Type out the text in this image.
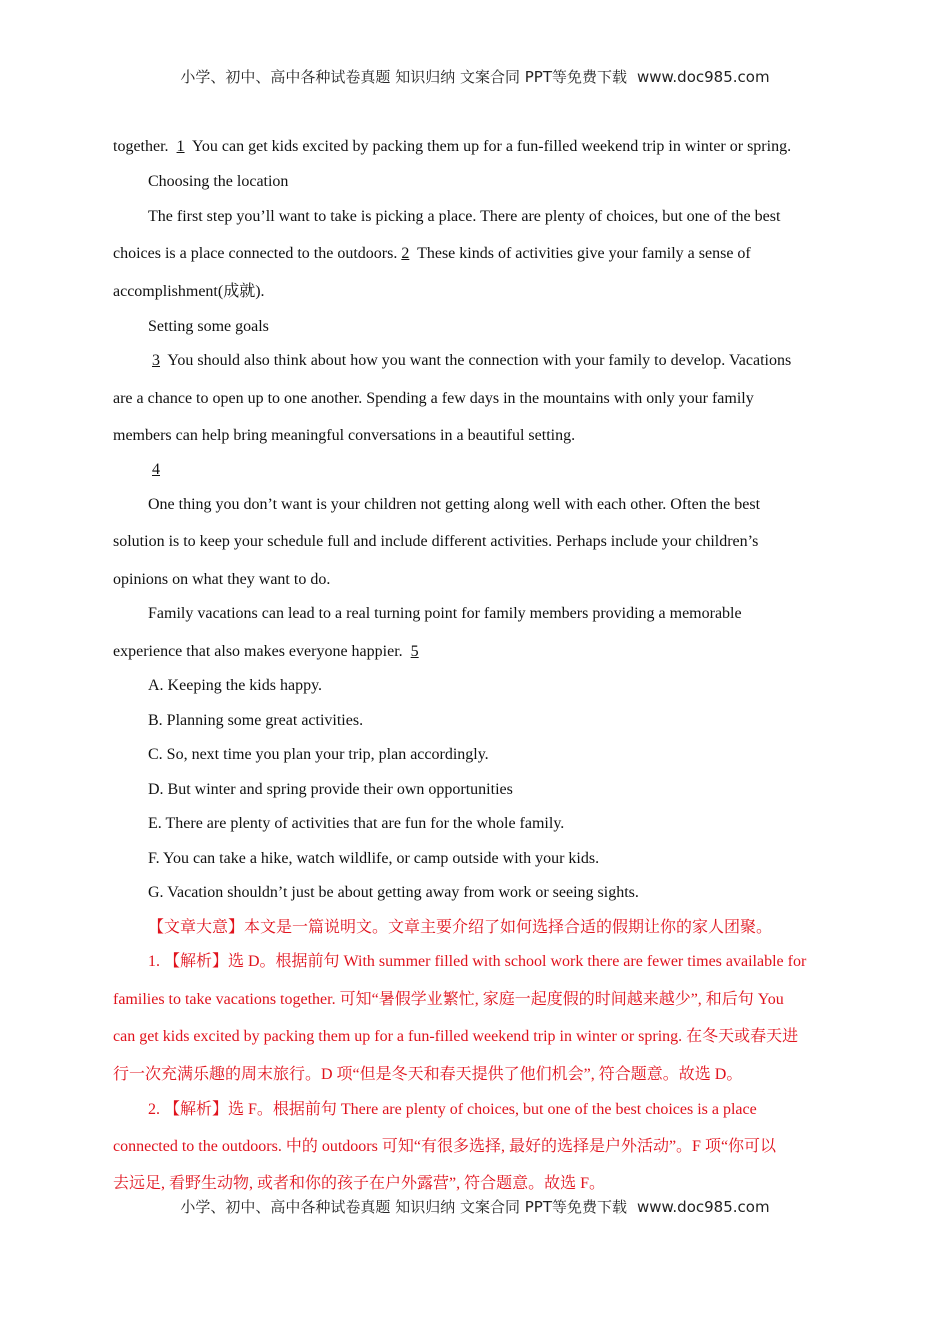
小学、初中、高中各种试卷真题 知识归纳 文案合同 PPT等免费下载 www.doc985.com
together. 1 You can get kids excited by packing them up for a fun-filled weekend trip in winter or spring.
Choosing the location
The first step you’ll want to take is picking a place. There are plenty of choices, but one of the best
choices is a place connected to the outdoors. 2 These kinds of activities give your family a sense of
accomplishment(成就).
Setting some goals
3 You should also think about how you want the connection with your family to develop. Vacations
are a chance to open up to one another. Spending a few days in the mountains with only your family
members can help bring meaningful conversations in a beautiful setting.
4
One thing you don’t want is your children not getting along well with each other. Often the best
solution is to keep your schedule full and include different activities. Perhaps include your children’s
opinions on what they want to do.
Family vacations can lead to a real turning point for family members providing a memorable
experience that also makes everyone happier. 5
A. Keeping the kids happy.
B. Planning some great activities.
C. So, next time you plan your trip, plan accordingly.
D. But winter and spring provide their own opportunities
E. There are plenty of activities that are fun for the whole family.
F. You can take a hike, watch wildlife, or camp outside with your kids.
G. Vacation shouldn’t just be about getting away from work or seeing sights.
【文章大意】本文是一篇说明文。文章主要介绍了如何选择合适的假期让你的家人团聚。
1. 【解析】选 D。根据前句 With summer filled with school work there are fewer times available for
families to take vacations together. 可知“暑假学业繁忙, 家庭一起度假的时间越来越少”, 和后句 You
can get kids excited by packing them up for a fun-filled weekend trip in winter or spring. 在冬天或春天进
行一次充满乐趣的周末旅行。D 项“但是冬天和春天提供了他们机会”, 符合题意。故选 D。
2. 【解析】选 F。根据前句 There are plenty of choices, but one of the best choices is a place
connected to the outdoors. 中的 outdoors 可知“有很多选择, 最好的选择是户外活动”。F 项“你可以
去远足, 看野生动物, 或者和你的孩子在户外露营”, 符合题意。故选 F。
小学、初中、高中各种试卷真题 知识归纳 文案合同 PPT等免费下载 www.doc985.com
